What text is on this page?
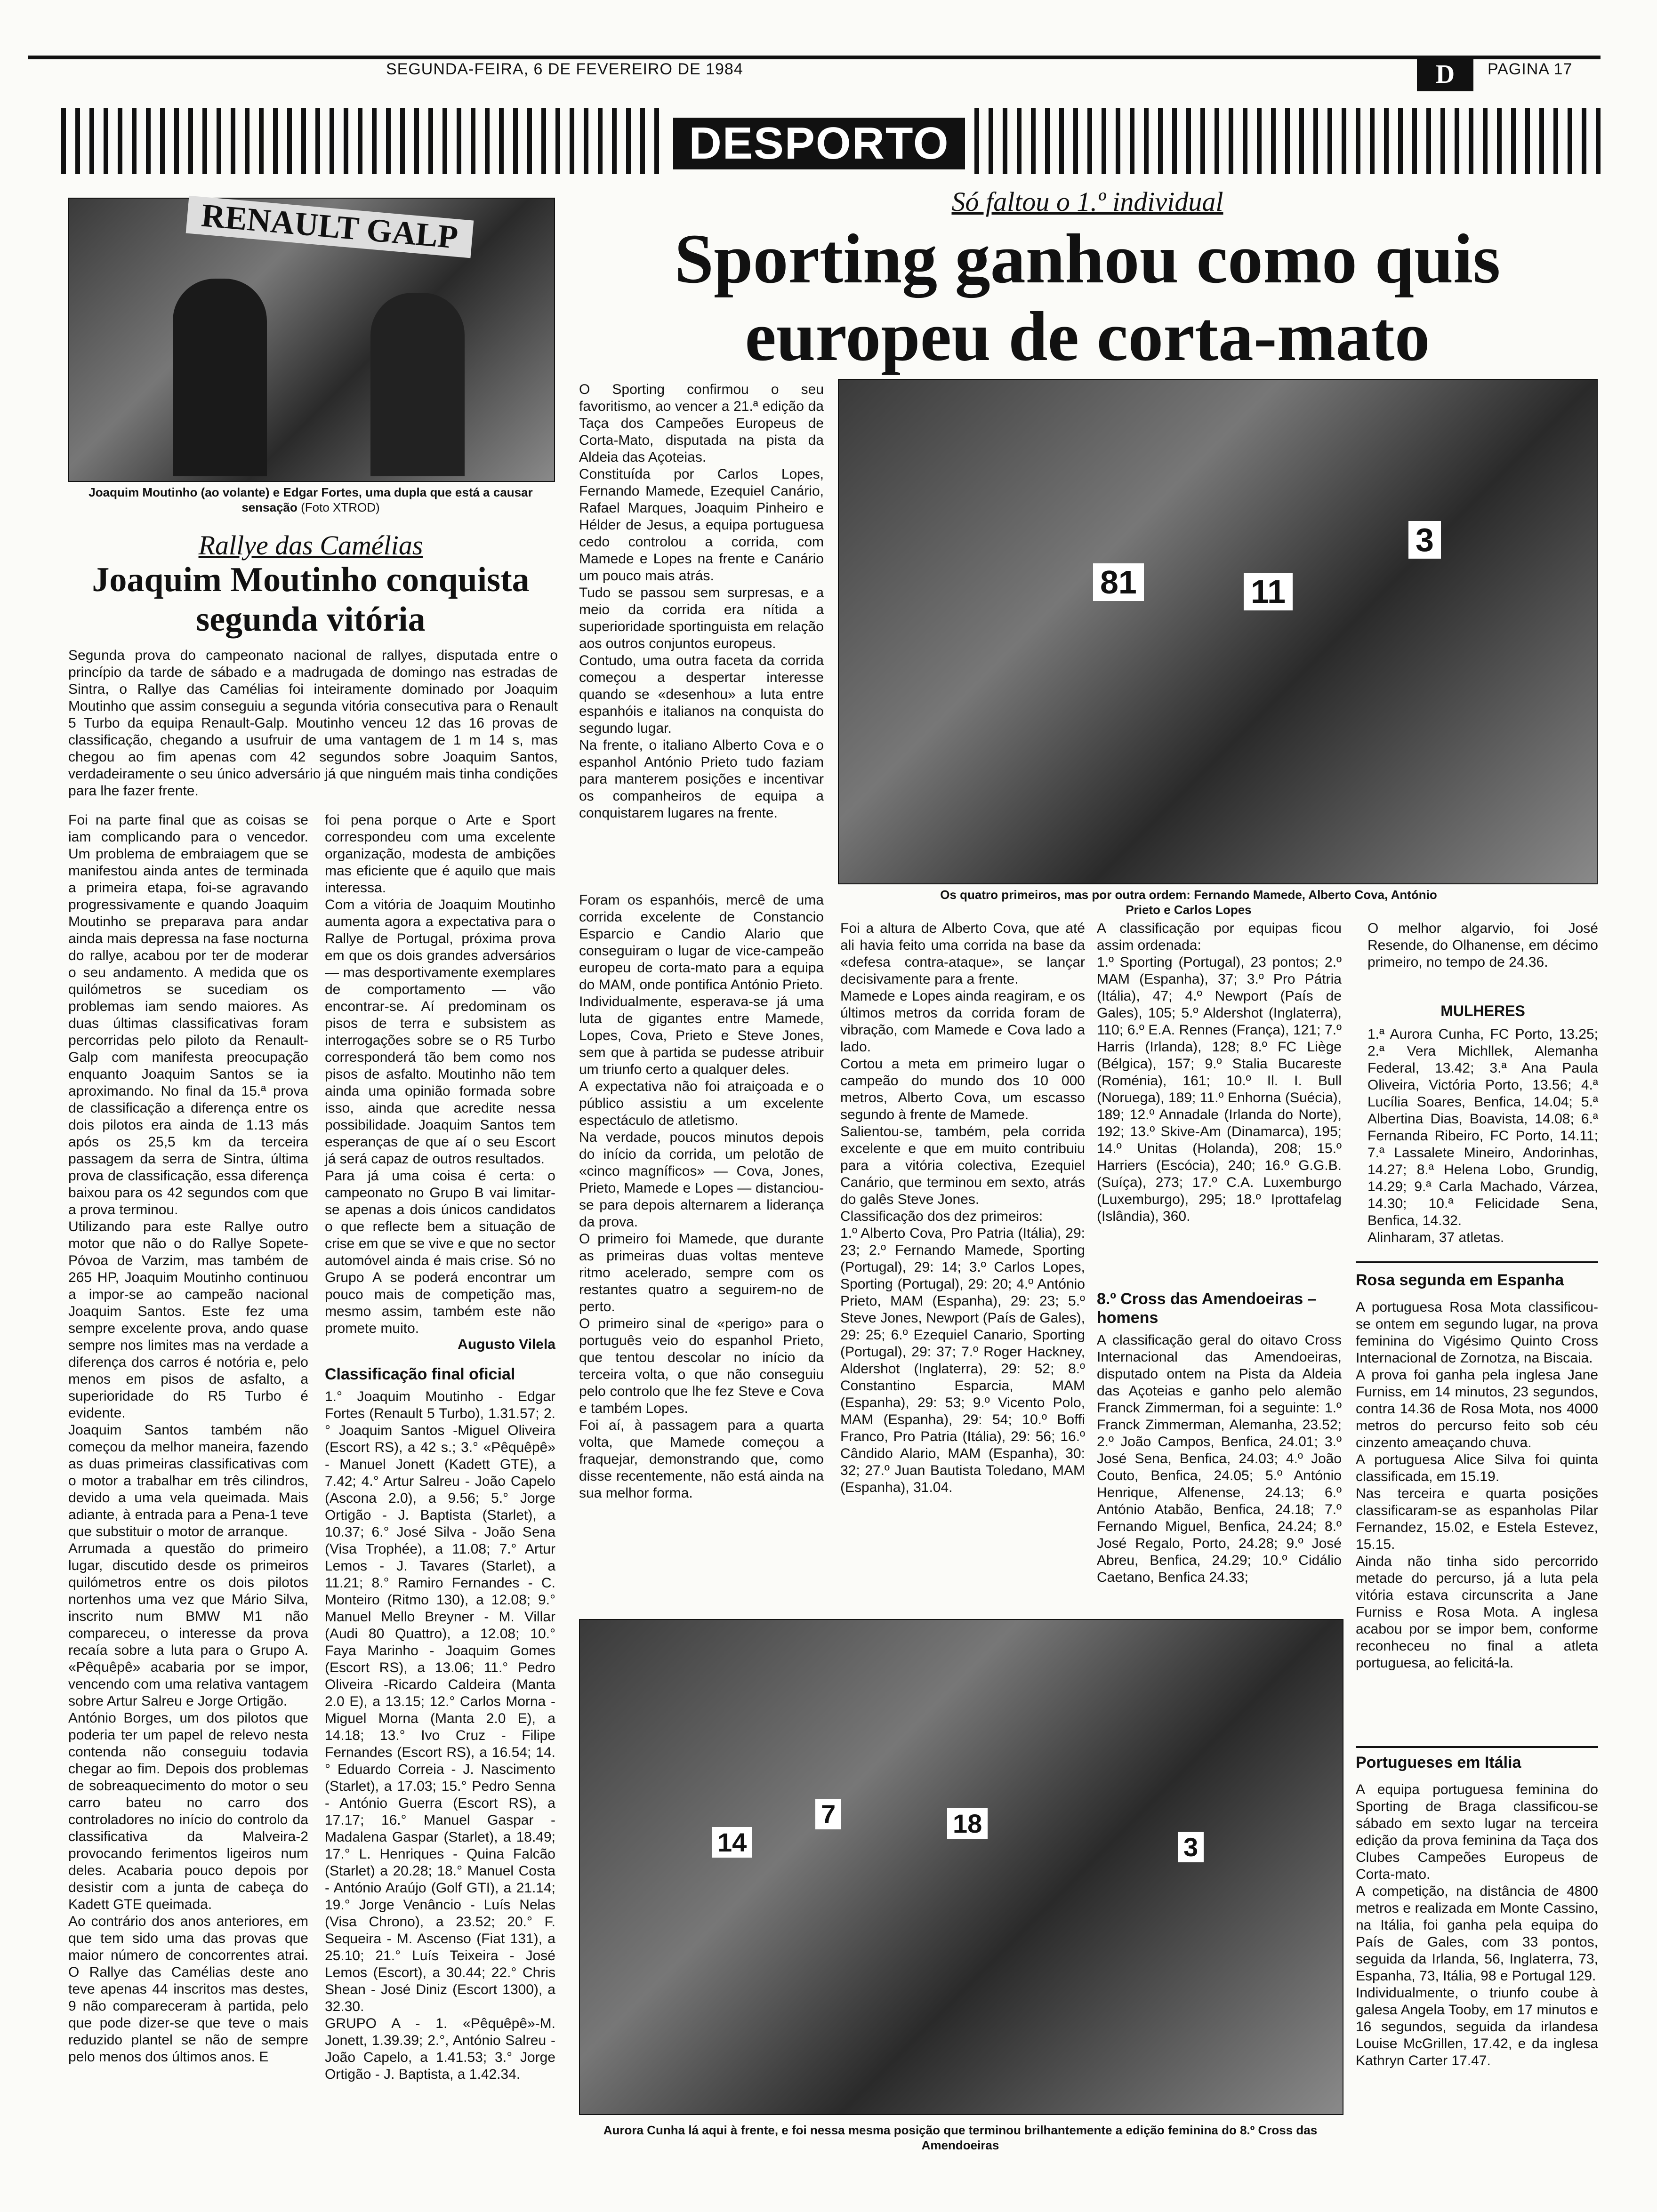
SEGUNDA-FEIRA, 6 DE FEVEREIRO DE 1984	D	PAGINA 17
DESPORTO
RENAULT GALP
Joaquim Moutinho (ao volante) e Edgar Fortes, uma dupla que está a causar sensação (Foto XTROD)
Rallye das Camélias
Joaquim Moutinho conquista segunda vitória
Segunda prova do campeonato nacional de rallyes, disputada entre o princípio da tarde de sábado e a madrugada de domingo nas estradas de Sintra, o Rallye das Camélias foi inteiramente dominado por Joaquim Moutinho que assim conseguiu a segunda vitória consecutiva para o Renault 5 Turbo da equipa Renault-Galp. Moutinho venceu 12 das 16 provas de classificação, chegando a usufruir de uma vantagem de 1 m 14 s, mas chegou ao fim apenas com 42 segundos sobre Joaquim Santos, verdadeiramente o seu único adversário já que ninguém mais tinha condições para lhe fazer frente.
Foi na parte final que as coisas se iam complicando para o vencedor. Um problema de embraiagem que se manifestou ainda antes de terminada a primeira etapa, foi-se agravando progressivamente e quando Joaquim Moutinho se preparava para andar ainda mais depressa na fase nocturna do rallye, acabou por ter de moderar o seu andamento. A medida que os quilómetros se sucediam os problemas iam sendo maiores. As duas últimas classificativas foram percorridas pelo piloto da Renault-Galp com manifesta preocupação enquanto Joaquim Santos se ia aproximando. No final da 15.ª prova de classificação a diferença entre os dois pilotos era ainda de 1.13 más após os 25,5 km da terceira passagem da serra de Sintra, última prova de classificação, essa diferença baixou para os 42 segundos com que a prova terminou.
Utilizando para este Rallye outro motor que não o do Rallye Sopete-Póvoa de Varzim, mas também de 265 HP, Joaquim Moutinho continuou a impor-se ao campeão nacional Joaquim Santos. Este fez uma sempre excelente prova, ando quase sempre nos limites mas na verdade a diferença dos carros é notória e, pelo menos em pisos de asfalto, a superioridade do R5 Turbo é evidente.
Joaquim Santos também não começou da melhor maneira, fazendo as duas primeiras classificativas com o motor a trabalhar em três cilindros, devido a uma vela queimada. Mais adiante, à entrada para a Pena-1 teve que substituir o motor de arranque.
Arrumada a questão do primeiro lugar, discutido desde os primeiros quilómetros entre os dois pilotos nortenhos uma vez que Mário Silva, inscrito num BMW M1 não compareceu, o interesse da prova recaía sobre a luta para o Grupo A. «Pêquêpê» acabaria por se impor, vencendo com uma relativa vantagem sobre Artur Salreu e Jorge Ortigão.
António Borges, um dos pilotos que poderia ter um papel de relevo nesta contenda não conseguiu todavia chegar ao fim. Depois dos problemas de sobreaquecimento do motor o seu carro bateu no carro dos controladores no início do controlo da classificativa da Malveira-2 provocando ferimentos ligeiros num deles. Acabaria pouco depois por desistir com a junta de cabeça do Kadett GTE queimada.
Ao contrário dos anos anteriores, em que tem sido uma das provas que maior número de concorrentes atrai. O Rallye das Camélias deste ano teve apenas 44 inscritos mas destes, 9 não compareceram à partida, pelo que pode dizer-se que teve o mais reduzido plantel se não de sempre pelo menos dos últimos anos. E
foi pena porque o Arte e Sport correspondeu com uma excelente organização, modesta de ambições mas eficiente que é aquilo que mais interessa.
Com a vitória de Joaquim Moutinho aumenta agora a expectativa para o Rallye de Portugal, próxima prova em que os dois grandes adversários — mas desportivamente exemplares de comportamento — vão encontrar-se. Aí predominam os pisos de terra e subsistem as interrogações sobre se o R5 Turbo corresponderá tão bem como nos pisos de asfalto. Moutinho não tem ainda uma opinião formada sobre isso, ainda que acredite nessa possibilidade. Joaquim Santos tem esperanças de que aí o seu Escort já será capaz de outros resultados.
Para já uma coisa é certa: o campeonato no Grupo B vai limitar-se apenas a dois únicos candidatos o que reflecte bem a situação de crise em que se vive e que no sector automóvel ainda é mais crise. Só no Grupo A se poderá encontrar um pouco mais de competição mas, mesmo assim, também este não promete muito.
Augusto Vilela
Classificação final oficial
1.° Joaquim Moutinho - Edgar Fortes (Renault 5 Turbo), 1.31.57; 2.° Joaquim Santos -Miguel Oliveira (Escort RS), a 42 s.; 3.° «Pêquêpê» - Manuel Jonett (Kadett GTE), a 7.42; 4.° Artur Salreu - João Capelo (Ascona 2.0), a 9.56; 5.° Jorge Ortigão - J. Baptista (Starlet), a 10.37; 6.° José Silva - João Sena (Visa Trophée), a 11.08; 7.° Artur Lemos - J. Tavares (Starlet), a 11.21; 8.° Ramiro Fernandes - C. Monteiro (Ritmo 130), a 12.08; 9.° Manuel Mello Breyner - M. Villar (Audi 80 Quattro), a 12.08; 10.° Faya Marinho - Joaquim Gomes (Escort RS), a 13.06; 11.° Pedro Oliveira -Ricardo Caldeira (Manta 2.0 E), a 13.15; 12.° Carlos Morna - Miguel Morna (Manta 2.0 E), a 14.18; 13.° Ivo Cruz - Filipe Fernandes (Escort RS), a 16.54; 14.° Eduardo Correia - J. Nascimento (Starlet), a 17.03; 15.° Pedro Senna - António Guerra (Escort RS), a 17.17; 16.° Manuel Gaspar - Madalena Gaspar (Starlet), a 18.49; 17.° L. Henriques - Quina Falcão (Starlet) a 20.28; 18.° Manuel Costa - António Araújo (Golf GTI), a 21.14; 19.° Jorge Venâncio - Luís Nelas (Visa Chrono), a 23.52; 20.° F. Sequeira - M. Ascenso (Fiat 131), a 25.10; 21.° Luís Teixeira - José Lemos (Escort), a 30.44; 22.° Chris Shean - José Diniz (Escort 1300), a 32.30.
GRUPO A - 1. «Pêquêpê»-M. Jonett, 1.39.39; 2.°, António Salreu - João Capelo, a 1.41.53; 3.° Jorge Ortigão - J. Baptista, a 1.42.34.
Só faltou o 1.º individual
Sporting ganhou como quis
europeu de corta-mato
O Sporting confirmou o seu favoritismo, ao vencer a 21.ª edição da Taça dos Campeões Europeus de Corta-Mato, disputada na pista da Aldeia das Açoteias.
Constituída por Carlos Lopes, Fernando Mamede, Ezequiel Canário, Rafael Marques, Joaquim Pinheiro e Hélder de Jesus, a equipa portuguesa cedo controlou a corrida, com Mamede e Lopes na frente e Canário um pouco mais atrás.
Tudo se passou sem surpresas, e a meio da corrida era nítida a superioridade sportinguista em relação aos outros conjuntos europeus.
Contudo, uma outra faceta da corrida começou a despertar interesse quando se «desenhou» a luta entre espanhóis e italianos na conquista do segundo lugar.
Na frente, o italiano Alberto Cova e o espanhol António Prieto tudo faziam para manterem posições e incentivar os companheiros de equipa a conquistarem lugares na frente.
81	11
3
Os quatro primeiros, mas por outra ordem: Fernando Mamede, Alberto Cova, António Prieto e Carlos Lopes
Foram os espanhóis, mercê de uma corrida excelente de Constancio Esparcio e Candio Alario que conseguiram o lugar de vice-campeão europeu de corta-mato para a equipa do MAM, onde pontifica António Prieto.
Individualmente, esperava-se já uma luta de gigantes entre Mamede, Lopes, Cova, Prieto e Steve Jones, sem que à partida se pudesse atribuir um triunfo certo a qualquer deles.
A expectativa não foi atraiçoada e o público assistiu a um excelente espectáculo de atletismo.
Na verdade, poucos minutos depois do início da corrida, um pelotão de «cinco magníficos» — Cova, Jones, Prieto, Mamede e Lopes — distanciou-se para depois alternarem a liderança da prova.
O primeiro foi Mamede, que durante as primeiras duas voltas menteve ritmo acelerado, sempre com os restantes quatro a seguirem-no de perto.
O primeiro sinal de «perigo» para o português veio do espanhol Prieto, que tentou descolar no início da terceira volta, o que não conseguiu pelo controlo que lhe fez Steve e Cova e também Lopes.
Foi aí, à passagem para a quarta volta, que Mamede começou a fraquejar, demonstrando que, como disse recentemente, não está ainda na sua melhor forma.
Foi a altura de Alberto Cova, que até ali havia feito uma corrida na base da «defesa contra-ataque», se lançar decisivamente para a frente.
Mamede e Lopes ainda reagiram, e os últimos metros da corrida foram de vibração, com Mamede e Cova lado a lado.
Cortou a meta em primeiro lugar o campeão do mundo dos 10 000 metros, Alberto Cova, um escasso segundo à frente de Mamede.
Salientou-se, também, pela corrida excelente e que em muito contribuiu para a vitória colectiva, Ezequiel Canário, que terminou em sexto, atrás do galês Steve Jones.
Classificação dos dez primeiros:
1.º Alberto Cova, Pro Patria (Itália), 29: 23; 2.º Fernando Mamede, Sporting (Portugal), 29: 14; 3.º Carlos Lopes, Sporting (Portugal), 29: 20; 4.º António Prieto, MAM (Espanha), 29: 23; 5.º Steve Jones, Newport (País de Gales), 29: 25; 6.º Ezequiel Canario, Sporting (Portugal), 29: 37; 7.º Roger Hackney, Aldershot (Inglaterra), 29: 52; 8.º Constantino Esparcia, MAM (Espanha), 29: 53; 9.º Vicento Polo, MAM (Espanha), 29: 54; 10.º Boffi Franco, Pro Patria (Itália), 29: 56; 16.º Cândido Alario, MAM (Espanha), 30: 32; 27.º Juan Bautista Toledano, MAM (Espanha), 31.04.
A classificação por equipas ficou assim ordenada:
1.º Sporting (Portugal), 23 pontos; 2.º MAM (Espanha), 37; 3.º Pro Pátria (Itália), 47; 4.º Newport (País de Gales), 105; 5.º Aldershot (Inglaterra), 110; 6.º E.A. Rennes (França), 121; 7.º Harris (Irlanda), 128; 8.º FC Liège (Bélgica), 157; 9.º Stalia Bucareste (Roménia), 161; 10.º Il. I. Bull (Noruega), 189; 11.º Enhorna (Suécia), 189; 12.º Annadale (Irlanda do Norte), 192; 13.º Skive-Am (Dinamarca), 195; 14.º Unitas (Holanda), 208; 15.º Harriers (Escócia), 240; 16.º G.G.B. (Suíça), 273; 17.º C.A. Luxemburgo (Luxemburgo), 295; 18.º Iprottafelag (Islândia), 360.
8.º Cross das Amendoeiras – homens
A classificação geral do oitavo Cross Internacional das Amendoeiras, disputado ontem na Pista da Aldeia das Açoteias e ganho pelo alemão Franck Zimmerman, foi a seguinte: 1.º Franck Zimmerman, Alemanha, 23.52; 2.º João Campos, Benfica, 24.01; 3.º José Sena, Benfica, 24.03; 4.º João Couto, Benfica, 24.05; 5.º António Henrique, Alfenense, 24.13; 6.º António Atabão, Benfica, 24.18; 7.º Fernando Miguel, Benfica, 24.24; 8.º José Regalo, Porto, 24.28; 9.º José Abreu, Benfica, 24.29; 10.º Cidálio Caetano, Benfica 24.33;
O melhor algarvio, foi José Resende, do Olhanense, em décimo primeiro, no tempo de 24.36.
MULHERES
1.ª Aurora Cunha, FC Porto, 13.25; 2.ª Vera Michllek, Alemanha Federal, 13.42; 3.ª Ana Paula Oliveira, Victória Porto, 13.56; 4.ª Lucília Soares, Benfica, 14.04; 5.ª Albertina Dias, Boavista, 14.08; 6.ª Fernanda Ribeiro, FC Porto, 14.11; 7.ª Lassalete Mineiro, Andorinhas, 14.27; 8.ª Helena Lobo, Grundig, 14.29; 9.ª Carla Machado, Várzea, 14.30; 10.ª Felicidade Sena, Benfica, 14.32.
Alinharam, 37 atletas.
Rosa segunda em Espanha
A portuguesa Rosa Mota classificou-se ontem em segundo lugar, na prova feminina do Vigésimo Quinto Cross Internacional de Zornotza, na Biscaia.
A prova foi ganha pela inglesa Jane Furniss, em 14 minutos, 23 segundos, contra 14.36 de Rosa Mota, nos 4000 metros do percurso feito sob céu cinzento ameaçando chuva.
A portuguesa Alice Silva foi quinta classificada, em 15.19.
Nas terceira e quarta posições classificaram-se as espanholas Pilar Fernandez, 15.02, e Estela Estevez, 15.15.
Ainda não tinha sido percorrido metade do percurso, já a luta pela vitória estava circunscrita a Jane Furniss e Rosa Mota. A inglesa acabou por se impor bem, conforme reconheceu no final a atleta portuguesa, ao felicitá-la.
Portugueses em Itália
A equipa portuguesa feminina do Sporting de Braga classificou-se sábado em sexto lugar na terceira edição da prova feminina da Taça dos Clubes Campeões Europeus de Corta-mato.
A competição, na distância de 4800 metros e realizada em Monte Cassino, na Itália, foi ganha pela equipa do País de Gales, com 33 pontos, seguida da Irlanda, 56, Inglaterra, 73, Espanha, 73, Itália, 98 e Portugal 129.
Individualmente, o triunfo coube à galesa Angela Tooby, em 17 minutos e 16 segundos, seguida da irlandesa Louise McGrillen, 17.42, e da inglesa Kathryn Carter 17.47.
14
7	18
3
Aurora Cunha lá aqui à frente, e foi nessa mesma posição que terminou brilhantemente a edição feminina do 8.º Cross das Amendoeiras
